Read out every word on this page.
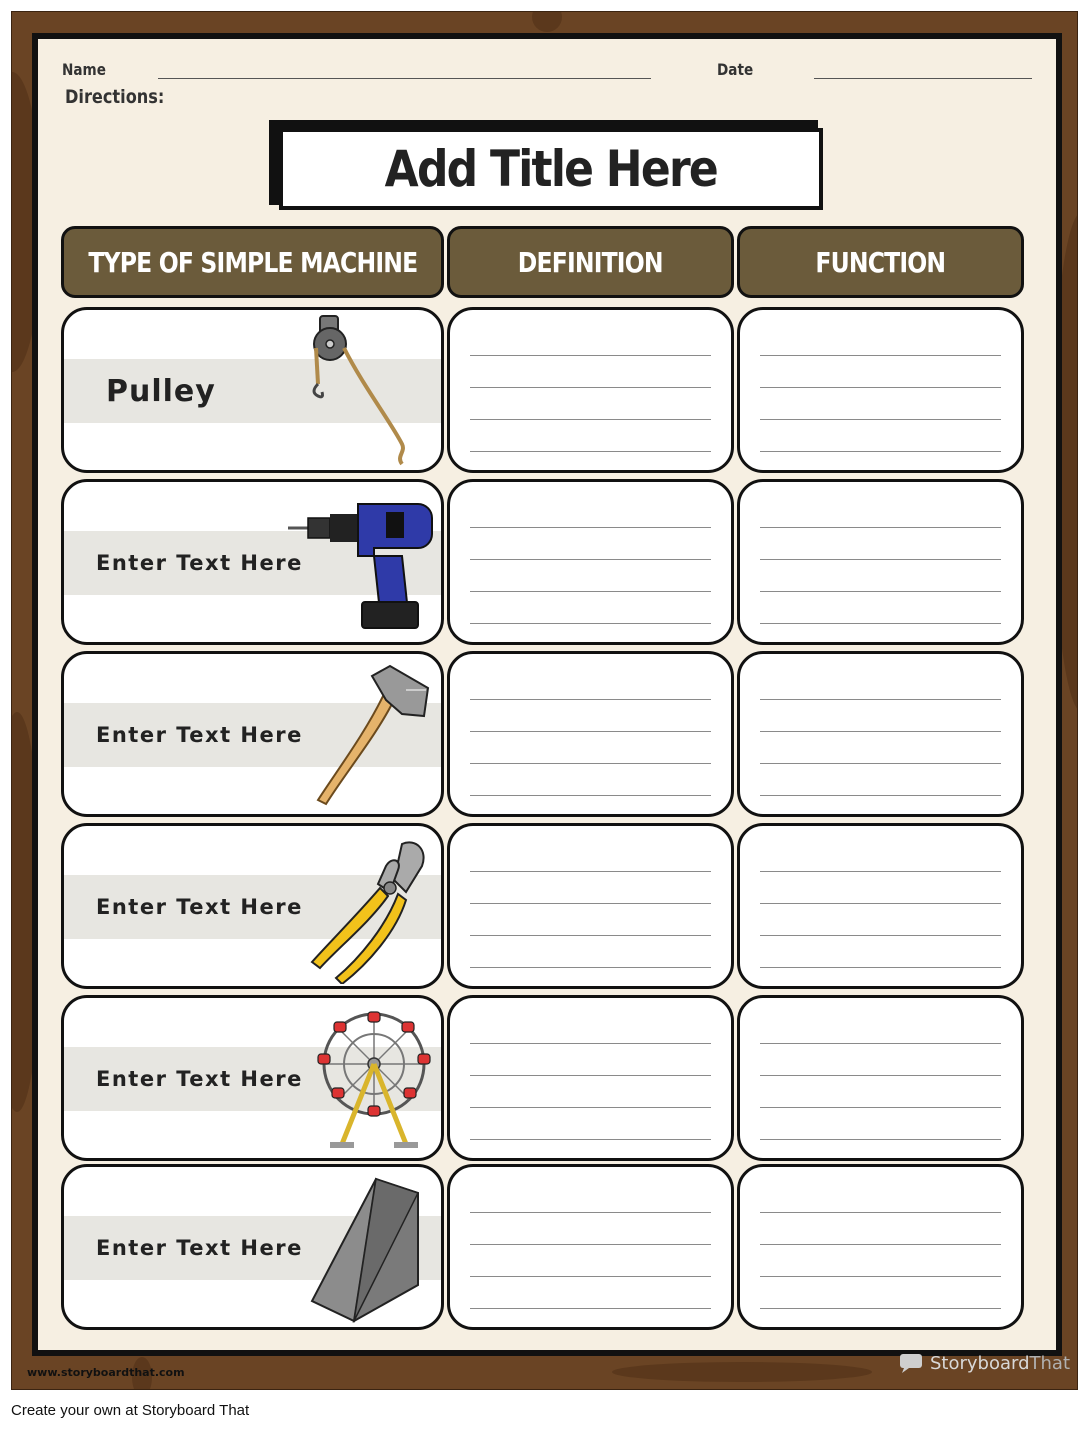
Name	Date
Directions:
Add Title Here
TYPE OF SIMPLE MACHINE	DEFINITION	FUNCTION
Pulley
Enter Text Here
Enter Text Here
Enter Text Here
Enter Text Here
Enter Text Here
www.storyboardthat.com	Storyboard That
Create your own at Storyboard That
